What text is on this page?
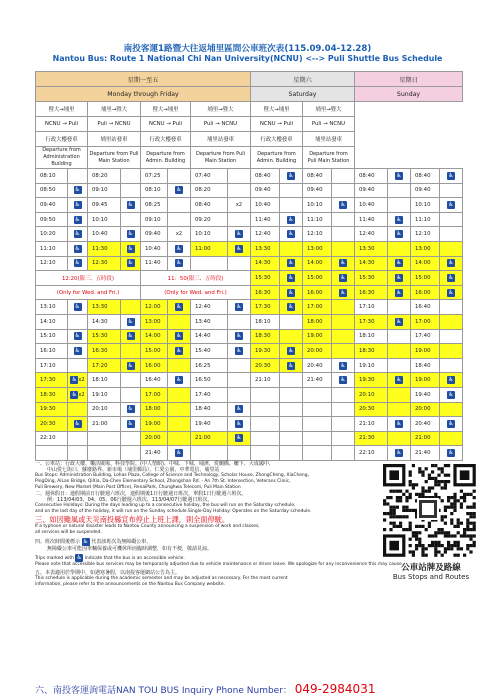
南投客運1路暨大往返埔里區間公車班次表(115.09.04-12.28)
Nantou Bus: Route 1 National Chi Nan University(NCNU) <--> Puli Shuttle Bus Schedule
星期一至五								星期六				星期日			
Monday through Friday								Saturday				Sunday			
暨大→埔里		埔里→暨大		暨大→埔里		埔里→暨大		暨大→埔里		埔里→暨大					
NCNU → Puli		Puli → NCNU		NCNU → Puli		Puli → NCNU		NCNU → Puli		Puli → NCNU					
行政大樓發車		埔里站發車		行政大樓發車		埔里站發車		行政大樓發車		埔里站發車					
Departure from Administration Building		Departure from Puli Main Station		Departure from Admin. Building		Departure from Puli Main Station		Departure from Admin. Building		Departure from Puli Main Station					
08:10		08:20		07:25		07:40		08:40	♿	08:40		08:40	♿	08:40	♿
08:50	♿	09:10		08:10	♿	08:20		09:40		09:40		09:40		09:40	
09:40	♿	09:45	♿	08:25		08:40	x2	10:40		10:10	♿	10:40		10:10	♿
09:50	♿	10:10		09:10		09:20		11:40	♿	11:10		11:40	♿	11:10	
10:20	♿	10:40	♿	09:40	x2	10:10	♿	12:40	♿	12:10		12:40	♿	12:10	
11:10	♿	11:30	♿	10:40	♿	11:00	♿	13:30		13:00		13:30		13:00	
12:10	♿	12:30	♿	11:40	♿			14:30	♿	14:00	♿	14:30	♿	14:00	♿
12:20(限三、五時段)				11：50(限三、五時段)				15:30	♿	15:00	♿	15:30	♿	15:00	♿
(Only for Wed. and Fri.)				(Only for Wed. and Fri.)				16:30	♿	16:00	♿	16:30	♿	16:00	♿
13:10	♿	13:30		12:00	♿	12:40	♿	17:30	♿	17:00		17:10		16:40	
14:10		14:30	♿	13:00		13:40		18:10		18:00		17:30	♿	17:00	
15:10	♿	15:30	♿	14:00	♿	14:40	♿	18:30		19:00		18:10		17:40	
16:10	♿	16:30		15:00	♿	15:40	♿	19:30	♿	20:00		18:30		19:00	
17:10		17:20	♿	16:00		16:25		20:30	♿	20:40	♿	19:10		18:40	
17:30	♿x2	18:10		16:40	♿	16:50		21:10		21:40	♿	19:30	♿	19:00	♿
18:30	♿x2	19:10		17:00		17:40						20:10		19:40	♿
19:30		20:10	♿	18:00		18:40	♿					20:30		20:00	
20:30	♿	21:00	♿	19:00		19:40	♿					21:10	♿	20:40	♿
22:10				20:00		21:00	♿					21:30		21:00	
				21:40	♿							22:10	♿	21:40	♿
一、公車站：行政大樓、樂活廣場、科技學院、(中人情館)、中城、下城、埔濱、愛蘭橋、轆下、大成國中、
中山愛七街口、蘇廢路界、新市場（埔里郵局）、仁愛公園、中華電信、埔里站
Bus Stops: Administration Building, Lohas Plaza, College of Science and Technology, Scholar House, ZhongCheng, XiaCheng,
PingDing, AiLan Bridge, QiXia, Da-Chen Elementary School, Zhongshan Rd. - An 7th St. Intersection, Veterans Clinic,
Puli Brewery, New Market (Main Post Office), RenaiPark, Chunghwa Telecom, Puli Main Station
二、週休假日：連假期前日行駛週六班次，連假期後1日行駛週日班次，單假1日行駛週六班次。
例：113/04/03、04、05、06行駛週六班次、113/04/07行駛週日班次。
Consecutive Holidays: During the days leading up to a consecutive holiday, the bus will run on the Saturday schedule,
and on the last day of the holiday, it will run on the Sunday schedule.Single-Day Holiday: Operates on the Saturday schedule.
三、如因颱風或天災南投縣宣布停止上班上課，則全面停駛。
If a typhoon or natural disaster leads to Nantou County announcing a suspension of work and classes,
all services will be suspended.
四、班次時間後標示 ♿ 代表該班次為無障礙公車，
無障礙公車可能因車輛保養或可機休所而臨時調整，如有不便，敬請見諒。
Trips marked with ♿ indicate that the bus is an accessible vehicle.
Please note that accessible bus services may be temporarily adjusted due to vehicle maintenance or driver leave. We apologize for any inconvenience this may cause.
五、本表適用於學期中，如遇寒暑假，以南投客運網站公告為主。
This schedule is applicable during the academic semester and may be adjusted as necessary. For the most current
information, please refer to the announcements on the Nantou Bus Company website.
公車站牌及路線
Bus Stops and Routes
六、南投客運詢電話NAN TOU BUS Inquiry Phone Number： 049-2984031
